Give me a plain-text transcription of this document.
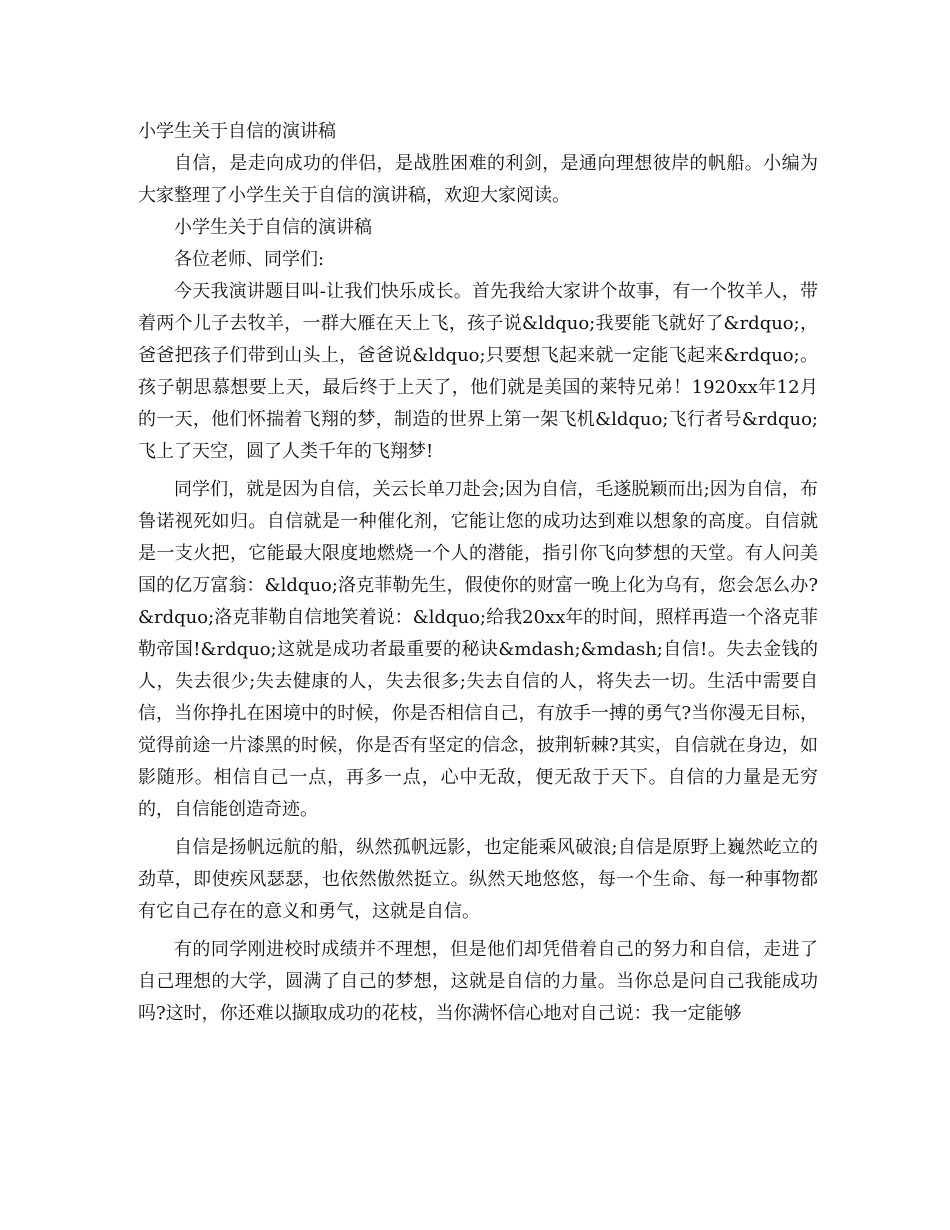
小学生关于自信的演讲稿

自信，是走向成功的伴侣，是战胜困难的利剑，是通向理想彼岸的帆船。小编为大家整理了小学生关于自信的演讲稿，欢迎大家阅读。

小学生关于自信的演讲稿

各位老师、同学们:

今天我演讲题目叫-让我们快乐成长。首先我给大家讲个故事，有一个牧羊人，带着两个儿子去牧羊，一群大雁在天上飞，孩子说&ldquo;我要能飞就好了&rdquo;，爸爸把孩子们带到山头上，爸爸说&ldquo;只要想飞起来就一定能飞起来&rdquo;。孩子朝思慕想要上天，最后终于上天了，他们就是美国的莱特兄弟！1920xx年12月的一天，他们怀揣着飞翔的梦，制造的世界上第一架飞机&ldquo;飞行者号&rdquo;飞上了天空，圆了人类千年的飞翔梦!

同学们，就是因为自信，关云长单刀赴会;因为自信，毛遂脱颖而出;因为自信，布鲁诺视死如归。自信就是一种催化剂，它能让您的成功达到难以想象的高度。自信就是一支火把，它能最大限度地燃烧一个人的潜能，指引你飞向梦想的天堂。有人问美国的亿万富翁：&ldquo;洛克菲勒先生，假使你的财富一晚上化为乌有，您会怎么办?&rdquo;洛克菲勒自信地笑着说：&ldquo;给我20xx年的时间，照样再造一个洛克菲勒帝国!&rdquo;这就是成功者最重要的秘诀&mdash;&mdash;自信!。失去金钱的人，失去很少;失去健康的人，失去很多;失去自信的人，将失去一切。生活中需要自信，当你挣扎在困境中的时候，你是否相信自己，有放手一搏的勇气?当你漫无目标，觉得前途一片漆黑的时候，你是否有坚定的信念，披荆斩棘?其实，自信就在身边，如影随形。相信自己一点，再多一点，心中无敌，便无敌于天下。自信的力量是无穷的，自信能创造奇迹。

自信是扬帆远航的船，纵然孤帆远影，也定能乘风破浪;自信是原野上巍然屹立的劲草，即使疾风瑟瑟，也依然傲然挺立。纵然天地悠悠，每一个生命、每一种事物都有它自己存在的意义和勇气，这就是自信。

有的同学刚进校时成绩并不理想，但是他们却凭借着自己的努力和自信，走进了自己理想的大学，圆满了自己的梦想，这就是自信的力量。当你总是问自己我能成功吗?这时，你还难以撷取成功的花枝，当你满怀信心地对自己说：我一定能够
